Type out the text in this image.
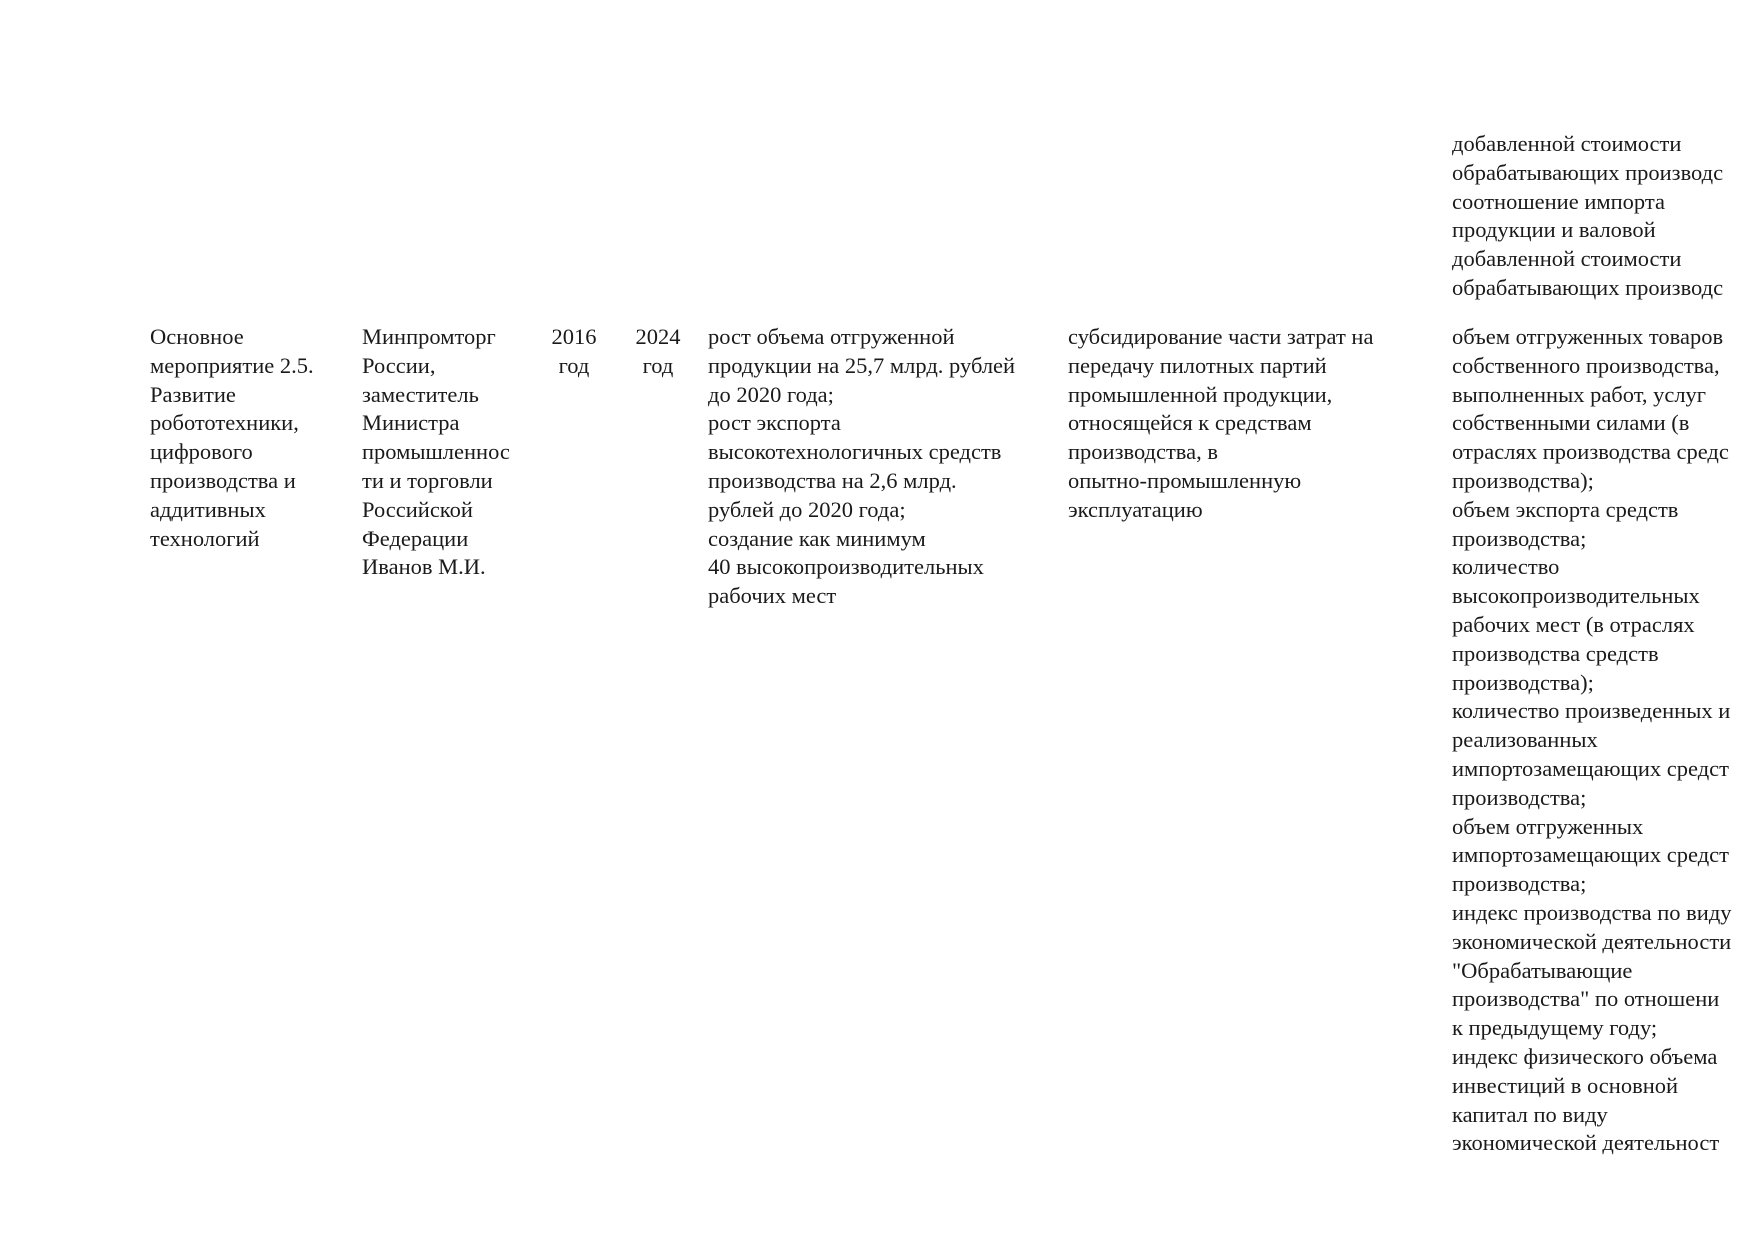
добавленной стоимости
обрабатывающих производс
соотношение импорта
продукции и валовой
добавленной стоимости
обрабатывающих производс
Основное
мероприятие 2.5.
Развитие
робототехники,
цифрового
производства и
аддитивных
технологий
Минпромторг
России,
заместитель
Министра
промышленнос
ти и торговли
Российской
Федерации
Иванов М.И.
2016
год
2024
год
рост объема отгруженной
продукции на 25,7 млрд. рублей
до 2020 года;
рост экспорта
высокотехнологичных средств
производства на 2,6 млрд.
рублей до 2020 года;
создание как минимум
40 высокопроизводительных
рабочих мест
субсидирование части затрат на
передачу пилотных партий
промышленной продукции,
относящейся к средствам
производства, в
опытно-промышленную
эксплуатацию
объем отгруженных товаров
собственного производства,
выполненных работ, услуг
собственными силами (в
отраслях производства средс
производства);
объем экспорта средств
производства;
количество
высокопроизводительных
рабочих мест (в отраслях
производства средств
производства);
количество произведенных и
реализованных
импортозамещающих средст
производства;
объем отгруженных
импортозамещающих средст
производства;
индекс производства по виду
экономической деятельности
"Обрабатывающие
производства" по отношени
к предыдущему году;
индекс физического объема
инвестиций в основной
капитал по виду
экономической деятельност
